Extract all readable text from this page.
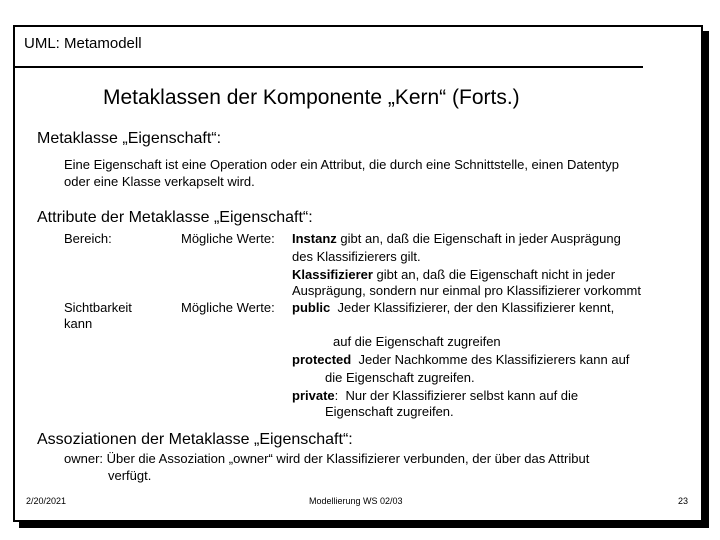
UML: Metamodell
Metaklassen der Komponente „Kern“ (Forts.)
Metaklasse „Eigenschaft“:
Eine Eigenschaft ist eine Operation oder ein Attribut, die durch eine Schnittstelle, einen Datentyp
oder eine Klasse verkapselt wird.
Attribute der Metaklasse „Eigenschaft“:
Bereich:	Mögliche Werte: Instanz gibt an, daß die Eigenschaft in jeder Ausprägung
des Klassifizierers gilt.
Klassifizierer gibt an, daß die Eigenschaft nicht in jeder
Ausprägung, sondern nur einmal pro Klassifizierer vorkommt
Sichtbarkeit
kann
Mögliche Werte: public  Jeder Klassifizierer, der den Klassifizierer kennt,
auf die Eigenschaft zugreifen
protected  Jeder Nachkomme des Klassifizierers kann auf
die Eigenschaft zugreifen.
private:  Nur der Klassifizierer selbst kann auf die
Eigenschaft zugreifen.
Assoziationen der Metaklasse „Eigenschaft“:
owner: Über die Assoziation „owner“ wird der Klassifizierer verbunden, der über das Attribut
verfügt.
2/20/2021	Modellierung WS 02/03	23
